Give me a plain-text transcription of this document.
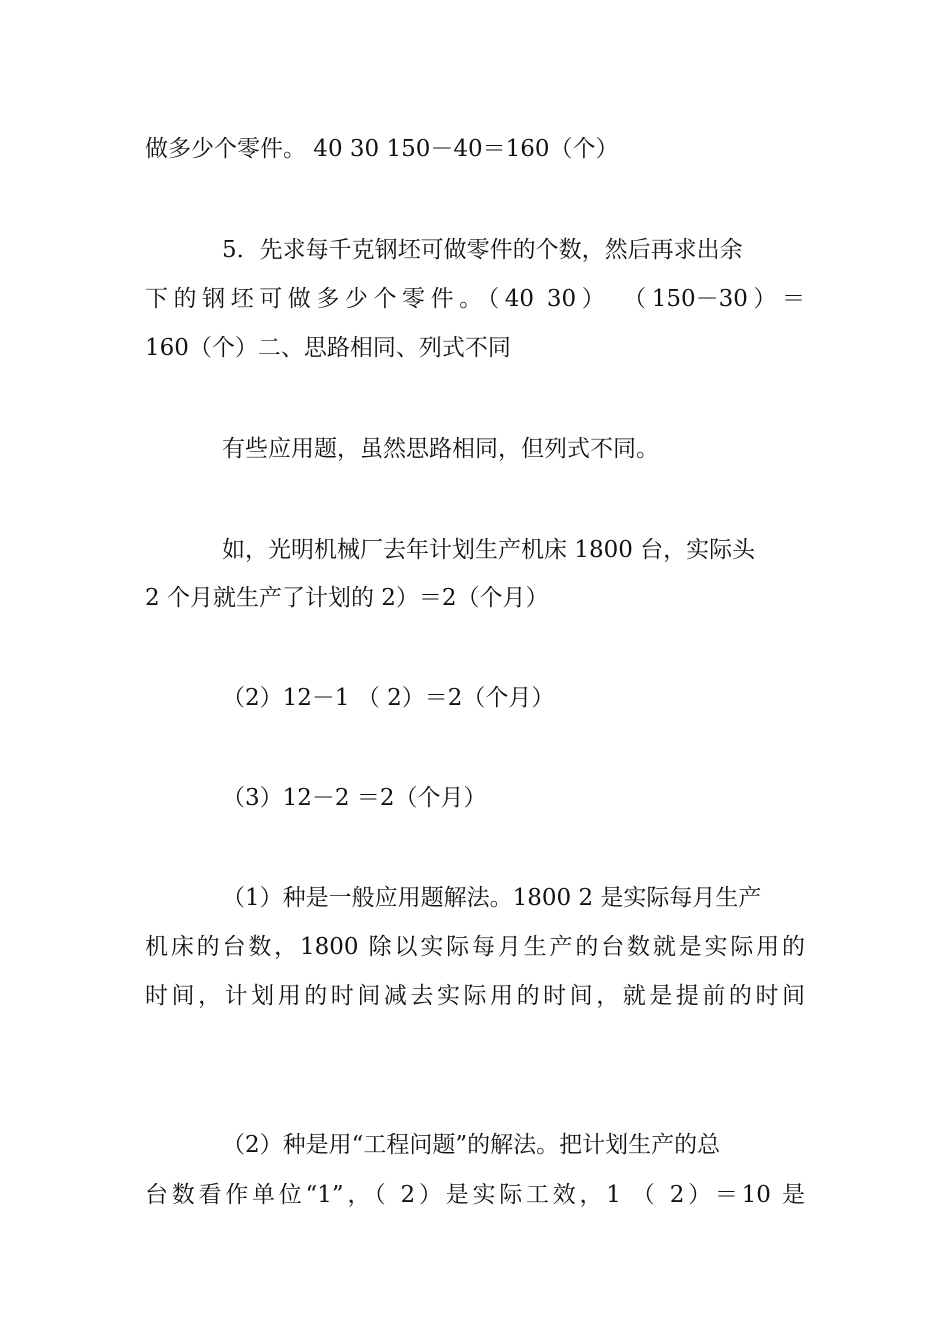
做多少个零件。 40 30 150－40＝160（个）
5．先求每千克钢坯可做零件的个数，然后再求出余
下的钢坯可做多少个零件。（40 30） （150－30）＝
160（个）二、思路相同、列式不同
有些应用题，虽然思路相同，但列式不同。
如，光明机械厂去年计划生产机床 1800 台，实际头
2 个月就生产了计划的 2）＝2（个月）
（2）12－1 （ 2）＝2（个月）
（3）12－2 ＝2（个月）
（1）种是一般应用题解法。1800 2 是实际每月生产
机床的台数，1800 除以实际每月生产的台数就是实际用的
时间，计划用的时间减去实际用的时间，就是提前的时间
（2）种是用“工程问题”的解法。把计划生产的总
台数看作单位“1”，（ 2）是实际工效，1 （ 2）＝10 是
